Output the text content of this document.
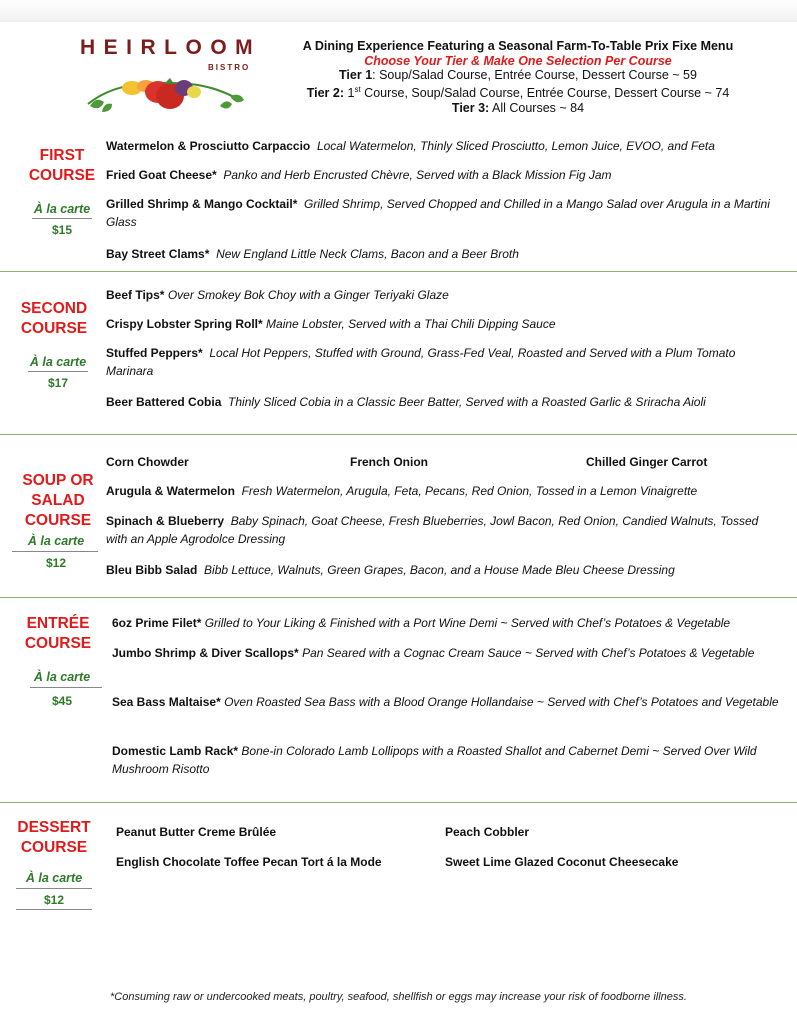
HEIRLOOM
BISTRO
A Dining Experience Featuring a Seasonal Farm-To-Table Prix Fixe Menu
Choose Your Tier & Make One Selection Per Course
Tier 1: Soup/Salad Course, Entrée Course, Dessert Course ~ 59
Tier 2: 1st Course, Soup/Salad Course, Entrée Course, Dessert Course ~ 74
Tier 3: All Courses ~ 84
FIRST
COURSE
À la carte
$15
Watermelon & Prosciutto Carpaccio Local Watermelon, Thinly Sliced Prosciutto, Lemon Juice, EVOO, and Feta
Fried Goat Cheese* Panko and Herb Encrusted Chèvre, Served with a Black Mission Fig Jam
Grilled Shrimp & Mango Cocktail* Grilled Shrimp, Served Chopped and Chilled in a Mango Salad over Arugula in a Martini Glass
Bay Street Clams* New England Little Neck Clams, Bacon and a Beer Broth
SECOND
COURSE
À la carte
$17
Beef Tips* Over Smokey Bok Choy with a Ginger Teriyaki Glaze
Crispy Lobster Spring Roll* Maine Lobster, Served with a Thai Chili Dipping Sauce
Stuffed Peppers* Local Hot Peppers, Stuffed with Ground, Grass-Fed Veal, Roasted and Served with a Plum Tomato Marinara
Beer Battered Cobia Thinly Sliced Cobia in a Classic Beer Batter, Served with a Roasted Garlic & Sriracha Aioli
SOUP OR
SALAD
COURSE
À la carte
$12
Corn Chowder	French Onion	Chilled Ginger Carrot
Arugula & Watermelon Fresh Watermelon, Arugula, Feta, Pecans, Red Onion, Tossed in a Lemon Vinaigrette
Spinach & Blueberry Baby Spinach, Goat Cheese, Fresh Blueberries, Jowl Bacon, Red Onion, Candied Walnuts, Tossed with an Apple Agrodolce Dressing
Bleu Bibb Salad Bibb Lettuce, Walnuts, Green Grapes, Bacon, and a House Made Bleu Cheese Dressing
ENTRÉE
COURSE
À la carte
$45
6oz Prime Filet* Grilled to Your Liking & Finished with a Port Wine Demi ~ Served with Chef’s Potatoes & Vegetable
Jumbo Shrimp & Diver Scallops* Pan Seared with a Cognac Cream Sauce ~ Served with Chef’s Potatoes & Vegetable
Sea Bass Maltaise* Oven Roasted Sea Bass with a Blood Orange Hollandaise ~ Served with Chef’s Potatoes and Vegetable
Domestic Lamb Rack* Bone-in Colorado Lamb Lollipops with a Roasted Shallot and Cabernet Demi ~ Served Over Wild Mushroom Risotto
DESSERT
COURSE
À la carte
$12
Peanut Butter Creme Brûlée	Peach Cobbler
English Chocolate Toffee Pecan Tort á la Mode	Sweet Lime Glazed Coconut Cheesecake
*Consuming raw or undercooked meats, poultry, seafood, shellfish or eggs may increase your risk of foodborne illness.
